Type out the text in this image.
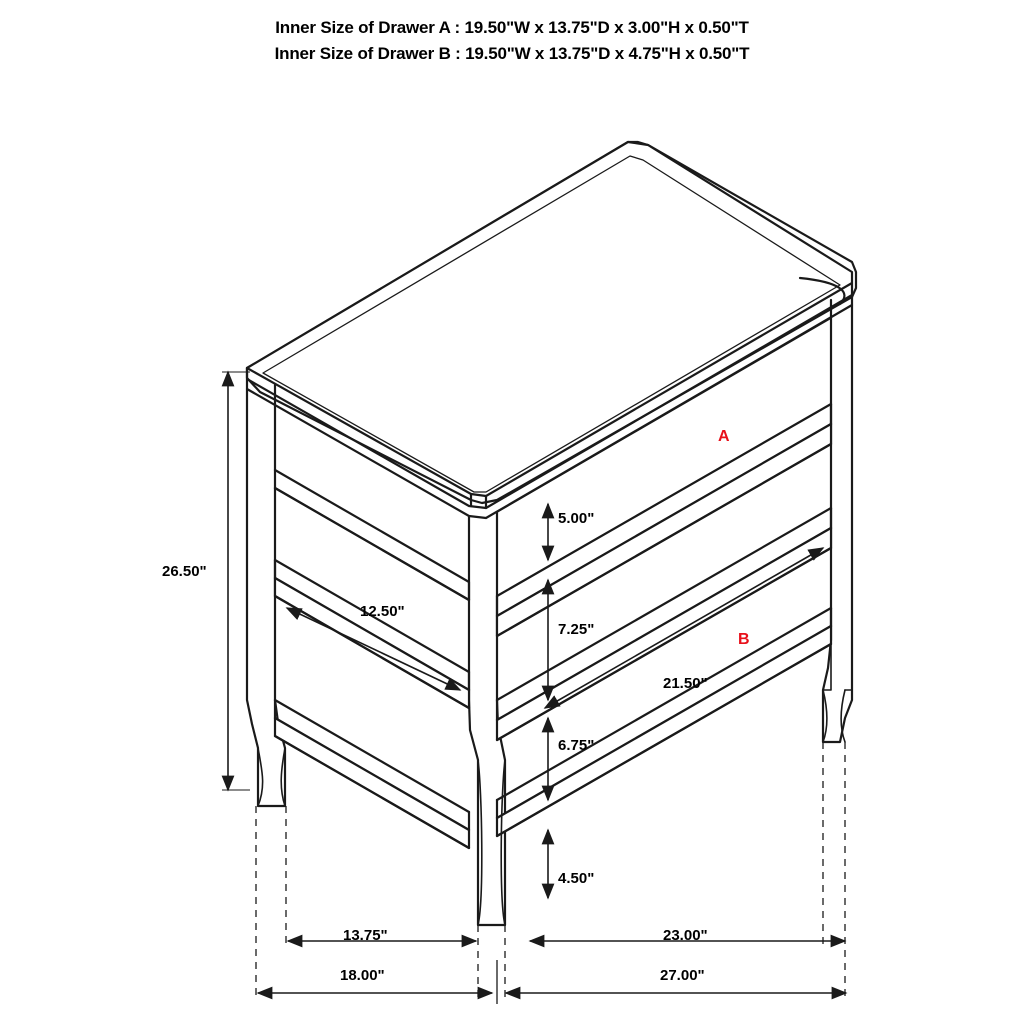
Inner Size of Drawer A : 19.50"W x 13.75"D x 3.00"H x 0.50"T
Inner Size of Drawer B : 19.50"W x 13.75"D x 4.75"H x 0.50"T
26.50"
5.00"
7.25"
6.75"
4.50"
12.50"
21.50"
13.75"	23.00"
18.00"	27.00"
A
B
